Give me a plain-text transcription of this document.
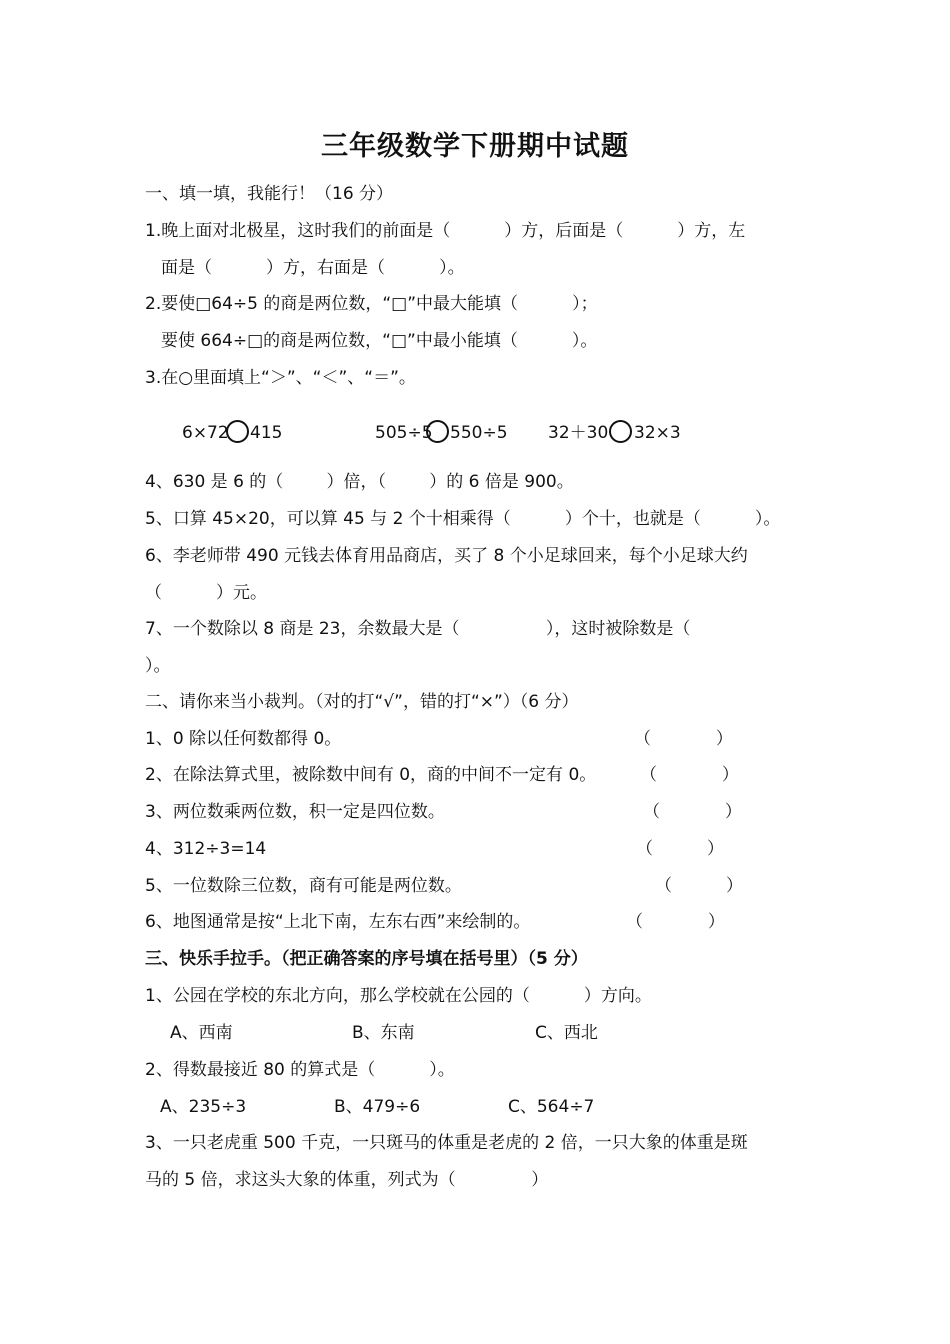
三年级数学下册期中试题
一、填一填，我能行！（16 分）
1.晚上面对北极星，这时我们的前面是（          ）方，后面是（          ）方，左
面是（          ）方，右面是（          ）。
2.要使□64÷5 的商是两位数，“□”中最大能填（          ）；
要使 664÷□的商是两位数，“□”中最小能填（          ）。
3.在○里面填上“＞”、“＜”、“＝”。
6×72 415	505÷5 550÷5 32＋30 32×3
4、630 是 6 的（        ）倍，（        ）的 6 倍是 900。
5、口算 45×20，可以算 45 与 2 个十相乘得（          ）个十，也就是（          ）。
6、李老师带 490 元钱去体育用品商店，买了 8 个小足球回来，每个小足球大约
（          ）元。
7、一个数除以 8 商是 23，余数最大是（                ），这时被除数是（
）。
二、请你来当小裁判。（对的打“√”，错的打“×”）（6 分）
1、0 除以任何数都得 0。	（            ）
2、在除法算式里，被除数中间有 0，商的中间不一定有 0。	（            ）
3、两位数乘两位数，积一定是四位数。	（            ）
4、312÷3=14	（          ）
5、一位数除三位数，商有可能是两位数。	（          ）
6、地图通常是按“上北下南，左东右西”来绘制的。	（            ）
三、快乐手拉手。（把正确答案的序号填在括号里）（5 分）
1、公园在学校的东北方向，那么学校就在公园的（          ）方向。
A、西南	B、东南	C、西北
2、得数最接近 80 的算式是（          ）。
A、235÷3	B、479÷6	C、564÷7
3、一只老虎重 500 千克，一只斑马的体重是老虎的 2 倍，一只大象的体重是斑
马的 5 倍，求这头大象的体重，列式为（              ）
